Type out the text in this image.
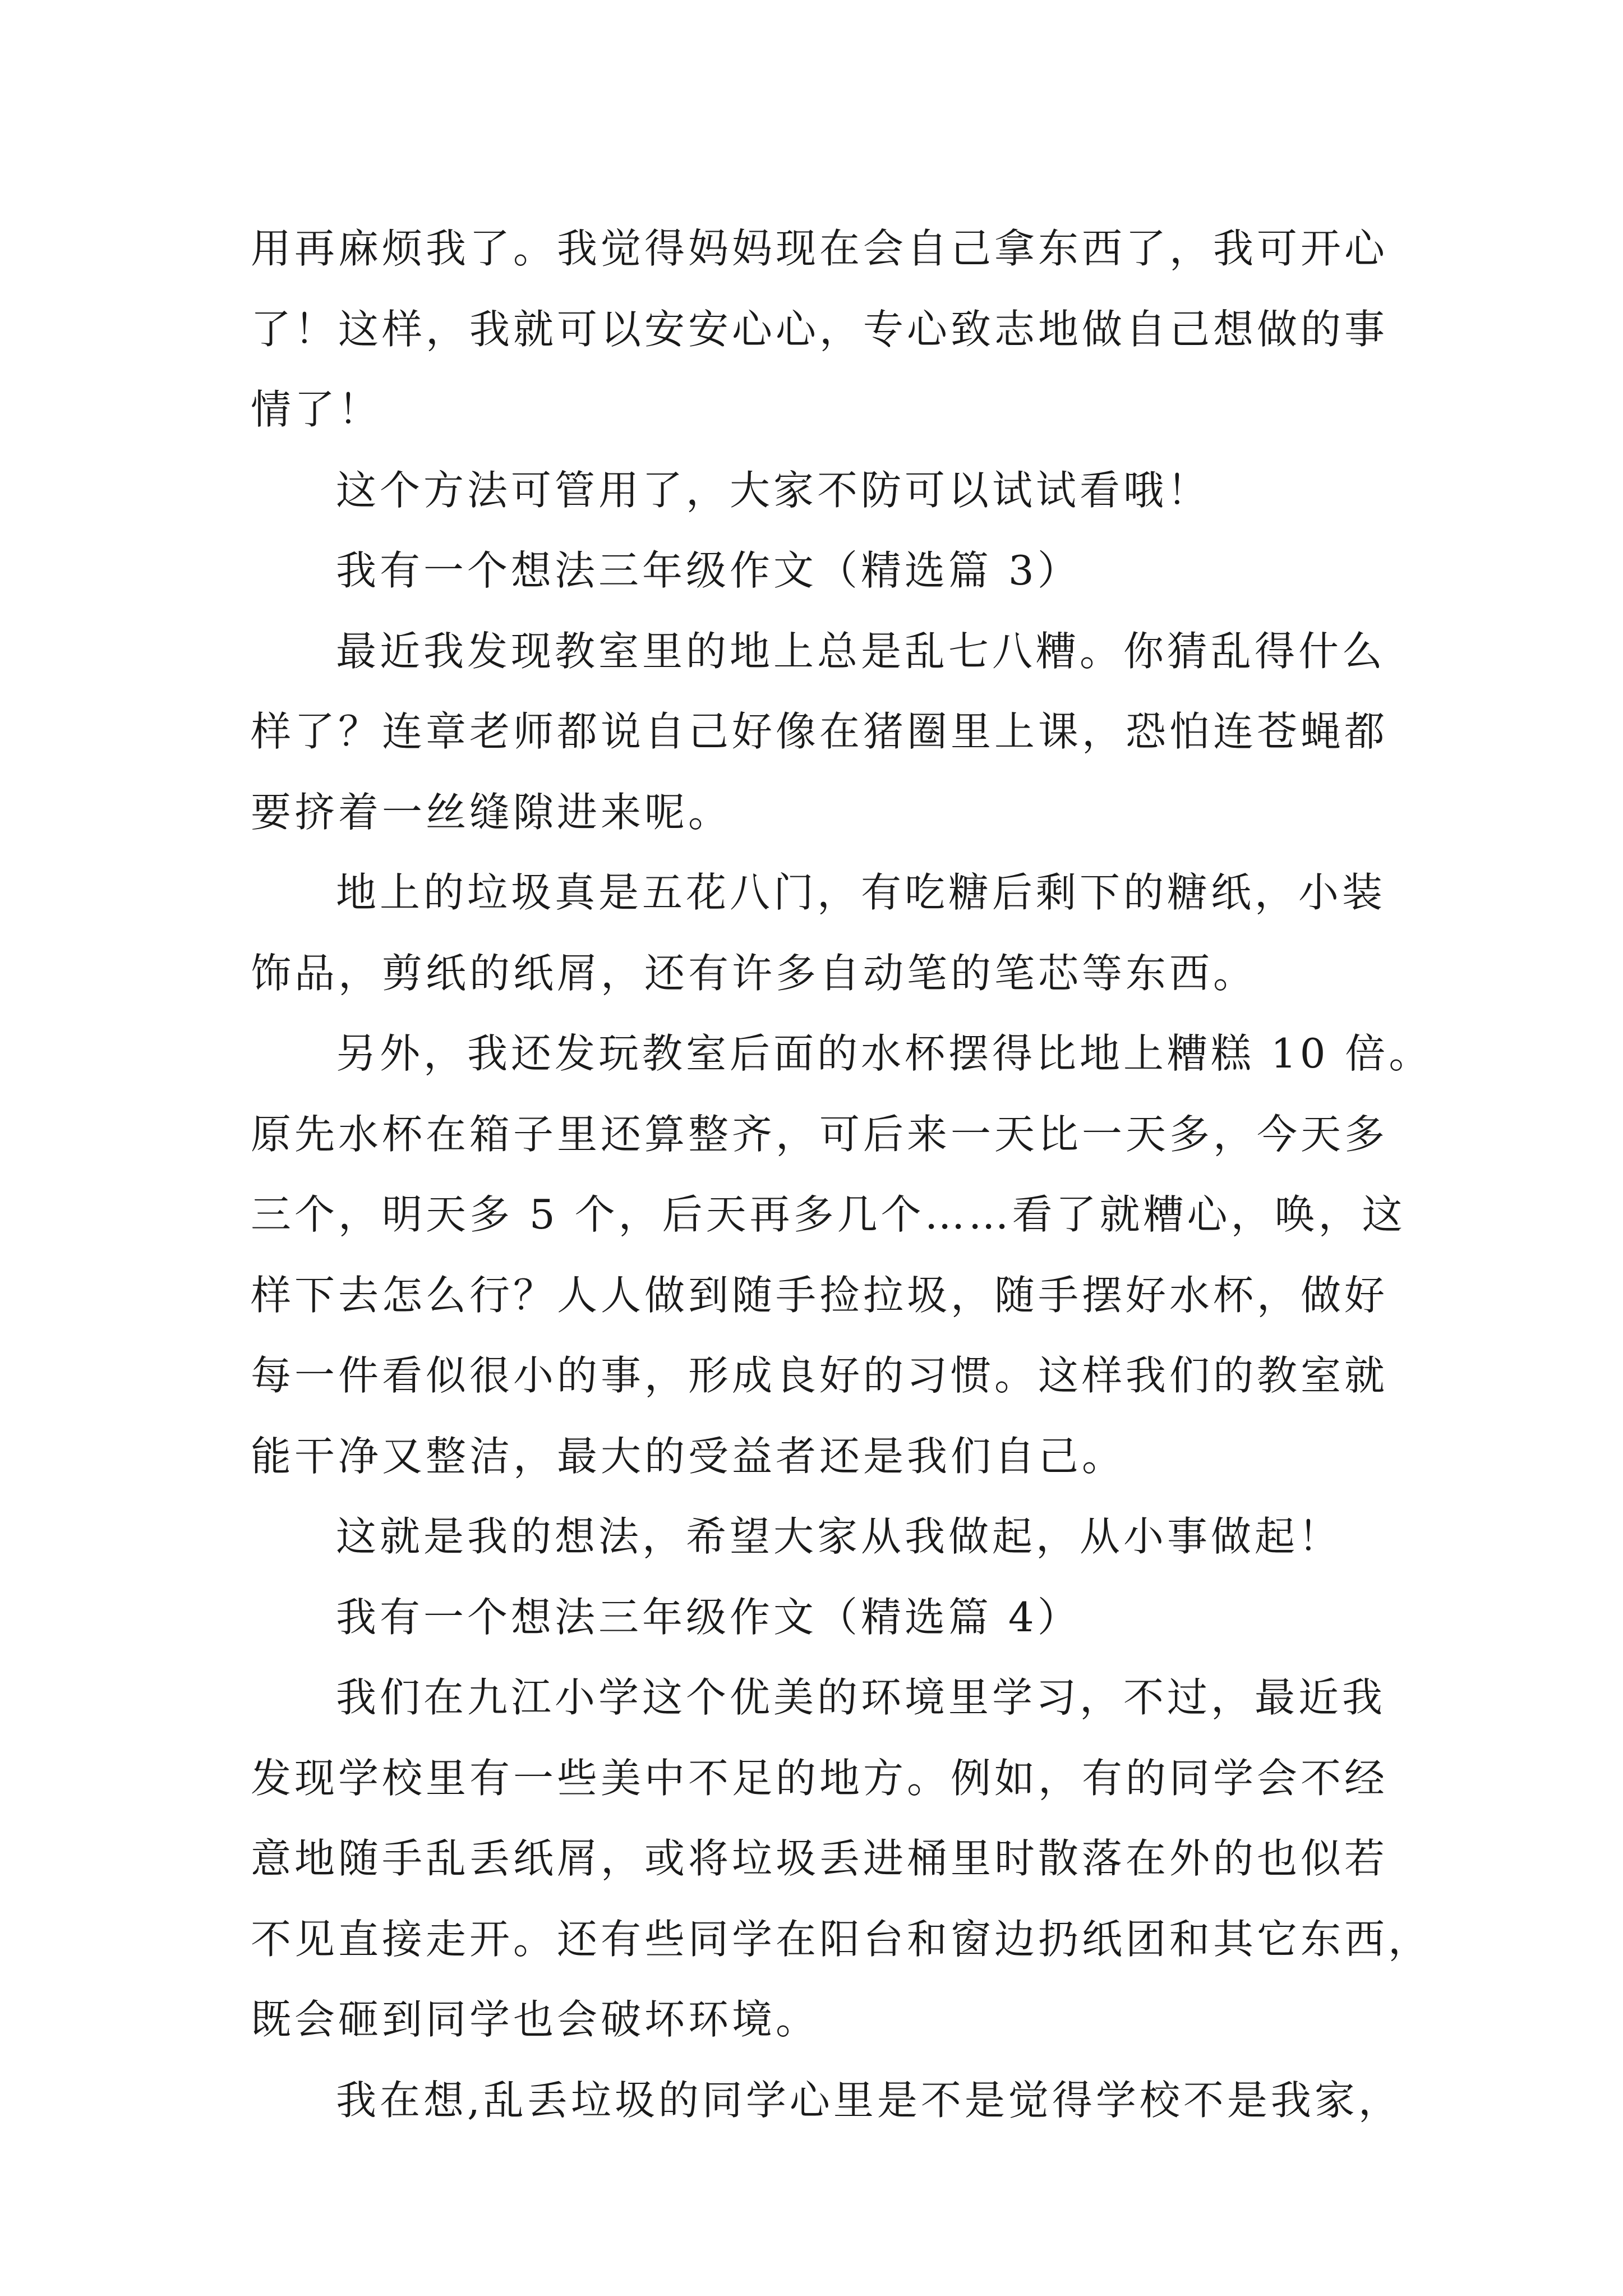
用再麻烦我了。我觉得妈妈现在会自己拿东西了，我可开心
了！这样，我就可以安安心心，专心致志地做自己想做的事
情了！
这个方法可管用了，大家不防可以试试看哦！
我有一个想法三年级作文（精选篇 3）
最近我发现教室里的地上总是乱七八糟。你猜乱得什么
样了？连章老师都说自己好像在猪圈里上课，恐怕连苍蝇都
要挤着一丝缝隙进来呢。
地上的垃圾真是五花八门，有吃糖后剩下的糖纸，小装
饰品，剪纸的纸屑，还有许多自动笔的笔芯等东西。
另外，我还发玩教室后面的水杯摆得比地上糟糕 10 倍。
原先水杯在箱子里还算整齐，可后来一天比一天多，今天多
三个，明天多 5 个，后天再多几个……看了就糟心，唤，这
样下去怎么行？人人做到随手捡拉圾，随手摆好水杯，做好
每一件看似很小的事，形成良好的习惯。这样我们的教室就
能干净又整洁，最大的受益者还是我们自己。
这就是我的想法，希望大家从我做起，从小事做起！
我有一个想法三年级作文（精选篇 4）
我们在九江小学这个优美的环境里学习，不过，最近我
发现学校里有一些美中不足的地方。例如，有的同学会不经
意地随手乱丢纸屑，或将垃圾丢进桶里时散落在外的也似若
不见直接走开。还有些同学在阳台和窗边扔纸团和其它东西，
既会砸到同学也会破坏环境。
我在想,乱丢垃圾的同学心里是不是觉得学校不是我家，
